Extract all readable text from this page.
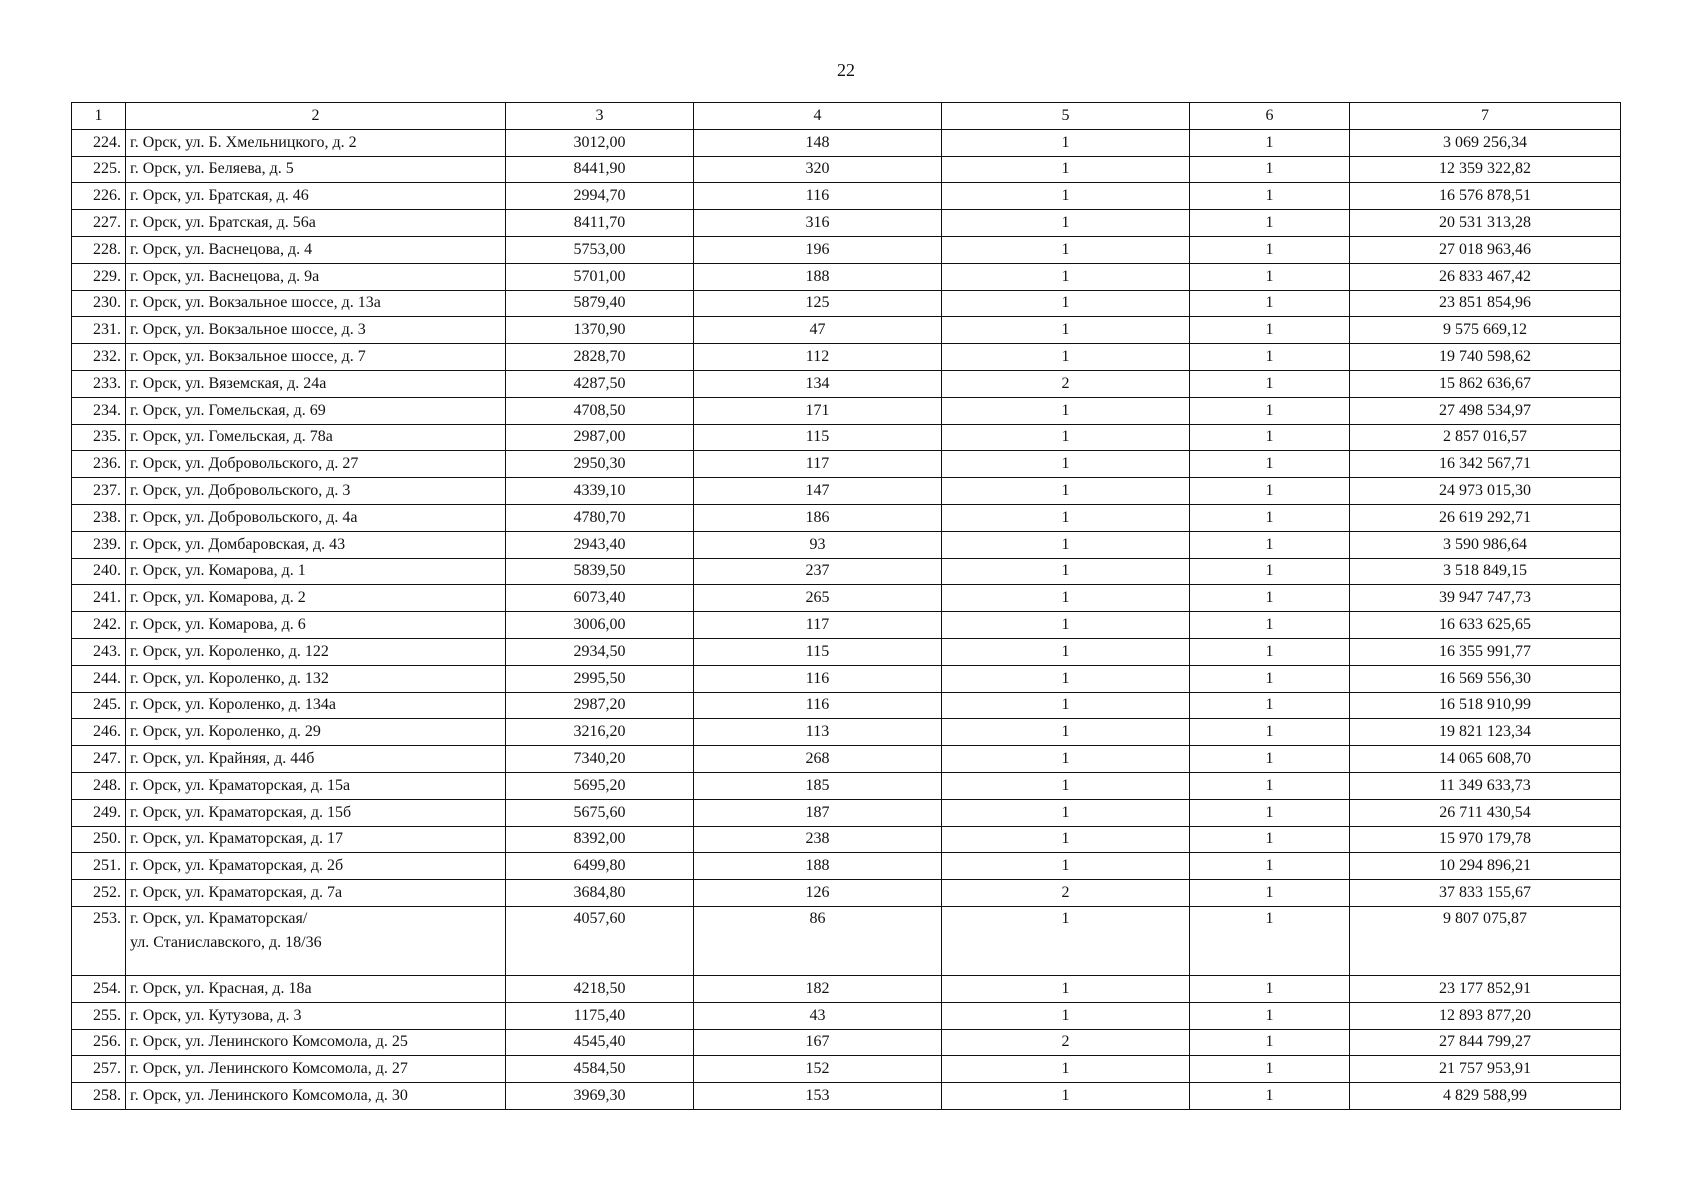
22
1	2	3	4	5	6	7
224.	г. Орск, ул. Б. Хмельницкого, д. 2	3012,00	148	1	1	3 069 256,34
225.	г. Орск, ул. Беляева, д. 5	8441,90	320	1	1	12 359 322,82
226.	г. Орск, ул. Братская, д. 46	2994,70	116	1	1	16 576 878,51
227.	г. Орск, ул. Братская, д. 56а	8411,70	316	1	1	20 531 313,28
228.	г. Орск, ул. Васнецова, д. 4	5753,00	196	1	1	27 018 963,46
229.	г. Орск, ул. Васнецова, д. 9а	5701,00	188	1	1	26 833 467,42
230.	г. Орск, ул. Вокзальное шоссе, д. 13а	5879,40	125	1	1	23 851 854,96
231.	г. Орск, ул. Вокзальное шоссе, д. 3	1370,90	47	1	1	9 575 669,12
232.	г. Орск, ул. Вокзальное шоссе, д. 7	2828,70	112	1	1	19 740 598,62
233.	г. Орск, ул. Вяземская, д. 24а	4287,50	134	2	1	15 862 636,67
234.	г. Орск, ул. Гомельская, д. 69	4708,50	171	1	1	27 498 534,97
235.	г. Орск, ул. Гомельская, д. 78а	2987,00	115	1	1	2 857 016,57
236.	г. Орск, ул. Добровольского, д. 27	2950,30	117	1	1	16 342 567,71
237.	г. Орск, ул. Добровольского, д. 3	4339,10	147	1	1	24 973 015,30
238.	г. Орск, ул. Добровольского, д. 4а	4780,70	186	1	1	26 619 292,71
239.	г. Орск, ул. Домбаровская, д. 43	2943,40	93	1	1	3 590 986,64
240.	г. Орск, ул. Комарова, д. 1	5839,50	237	1	1	3 518 849,15
241.	г. Орск, ул. Комарова, д. 2	6073,40	265	1	1	39 947 747,73
242.	г. Орск, ул. Комарова, д. 6	3006,00	117	1	1	16 633 625,65
243.	г. Орск, ул. Короленко, д. 122	2934,50	115	1	1	16 355 991,77
244.	г. Орск, ул. Короленко, д. 132	2995,50	116	1	1	16 569 556,30
245.	г. Орск, ул. Короленко, д. 134а	2987,20	116	1	1	16 518 910,99
246.	г. Орск, ул. Короленко, д. 29	3216,20	113	1	1	19 821 123,34
247.	г. Орск, ул. Крайняя, д. 44б	7340,20	268	1	1	14 065 608,70
248.	г. Орск, ул. Краматорская, д. 15а	5695,20	185	1	1	11 349 633,73
249.	г. Орск, ул. Краматорская, д. 15б	5675,60	187	1	1	26 711 430,54
250.	г. Орск, ул. Краматорская, д. 17	8392,00	238	1	1	15 970 179,78
251.	г. Орск, ул. Краматорская, д. 2б	6499,80	188	1	1	10 294 896,21
252.	г. Орск, ул. Краматорская, д. 7а	3684,80	126	2	1	37 833 155,67
253.	г. Орск, ул. Краматорская/
ул. Станиславского, д. 18/36	4057,60	86	1	1	9 807 075,87
254.	г. Орск, ул. Красная, д. 18а	4218,50	182	1	1	23 177 852,91
255.	г. Орск, ул. Кутузова, д. 3	1175,40	43	1	1	12 893 877,20
256.	г. Орск, ул. Ленинского Комсомола, д. 25	4545,40	167	2	1	27 844 799,27
257.	г. Орск, ул. Ленинского Комсомола, д. 27	4584,50	152	1	1	21 757 953,91
258.	г. Орск, ул. Ленинского Комсомола, д. 30	3969,30	153	1	1	4 829 588,99
